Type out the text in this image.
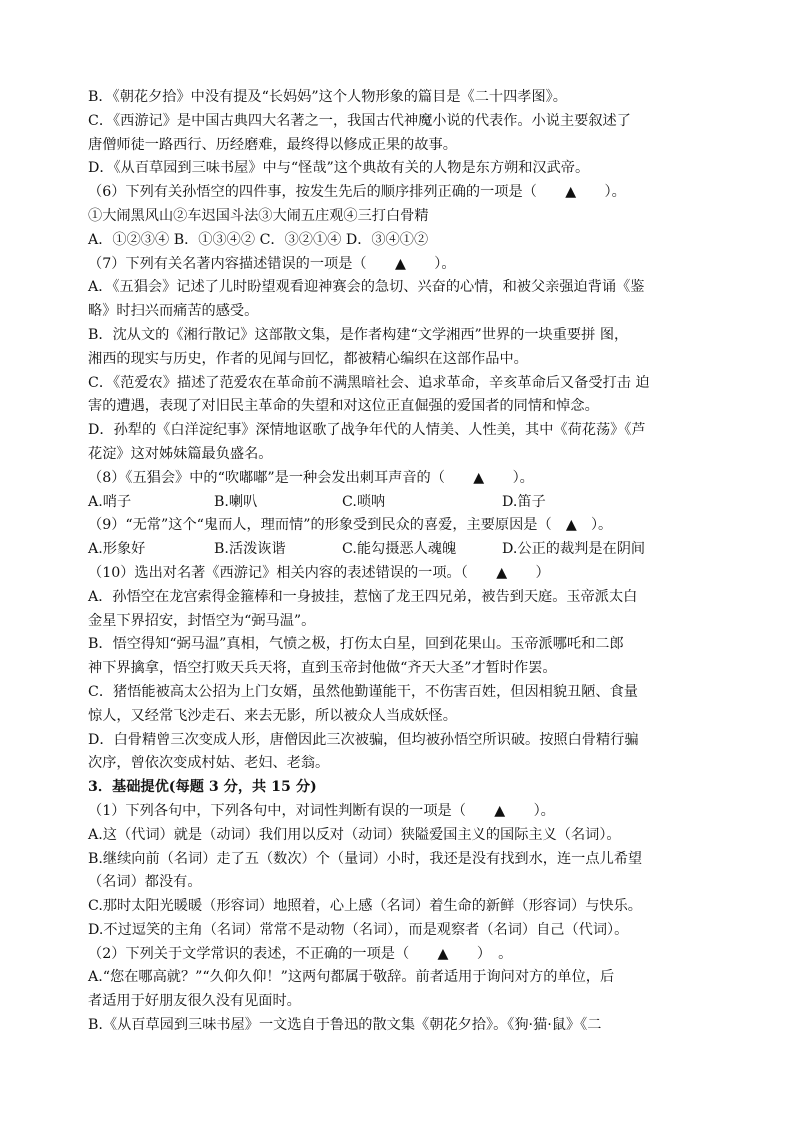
B．《朝花夕拾》中没有提及“长妈妈”这个人物形象的篇目是《二十四孝图》。

C．《西游记》是中国古典四大名著之一，我国古代神魔小说的代表作。小说主要叙述了

唐僧师徒一路西行、历经磨难，最终得以修成正果的故事。

D．《从百草园到三味书屋》中与“怪哉”这个典故有关的人物是东方朔和汉武帝。

（6）下列有关孙悟空的四件事，按发生先后的顺序排列正确的一项是（　　▲　　）。

①大闹黑风山②车迟国斗法③大闹五庄观④三打白骨精

A．①②③④ B．①③④② C．③②①④ D．③④①②

（7）下列有关名著内容描述错误的一项是（　　▲　　）。

A．《五猖会》记述了儿时盼望观看迎神赛会的急切、兴奋的心情，和被父亲强迫背诵《鉴

略》时扫兴而痛苦的感受。

B．沈从文的《湘行散记》这部散文集，是作者构建“文学湘西”世界的一块重要拼 图，

湘西的现实与历史，作者的见闻与回忆，都被精心编织在这部作品中。

C．《范爱农》描述了范爱农在革命前不满黑暗社会、追求革命，辛亥革命后又备受打击 迫

害的遭遇，表现了对旧民主革命的失望和对这位正直倔强的爱国者的同情和悼念。

D．孙犁的《白洋淀纪事》深情地讴歌了战争年代的人情美、人性美，其中《荷花荡》《芦

花淀》这对姊妹篇最负盛名。

（8）《五猖会》中的“吹嘟嘟”是一种会发出刺耳声音的（　　▲　　）。

A.哨子	B.喇叭	C.唢呐	D.笛子

（9）“无常”这个“鬼而人，理而情”的形象受到民众的喜爱，主要原因是（　▲　）。

A.形象好	B.活泼诙谐	C.能勾摄恶人魂魄	D.公正的裁判是在阴间

（10）选出对名著《西游记》相关内容的表述错误的一项。（　　▲　　）

A．孙悟空在龙宫索得金箍棒和一身披挂，惹恼了龙王四兄弟，被告到天庭。玉帝派太白

金星下界招安，封悟空为“弼马温”。

B．悟空得知“弼马温”真相，气愤之极，打伤太白星，回到花果山。玉帝派哪吒和二郎

神下界擒拿，悟空打败天兵天将，直到玉帝封他做“齐天大圣”才暂时作罢。

C．猪悟能被高太公招为上门女婿，虽然他勤谨能干，不伤害百姓，但因相貌丑陋、食量

惊人，又经常飞沙走石、来去无影，所以被众人当成妖怪。

D．白骨精曾三次变成人形，唐僧因此三次被骗，但均被孙悟空所识破。按照白骨精行骗

次序，曾依次变成村姑、老妇、老翁。

3．基础提优(每题 3 分，共 15 分)

（1）下列各句中，下列各句中，对词性判断有误的一项是（　　▲　　）。

A.这（代词）就是（动词）我们用以反对（动词）狭隘爱国主义的国际主义（名词）。

B.继续向前（名词）走了五（数次）个（量词）小时，我还是没有找到水，连一点儿希望

（名词）都没有。

C.那时太阳光暖暖（形容词）地照着，心上感（名词）着生命的新鲜（形容词）与快乐。

D.不过逗笑的主角（名词）常常不是动物（名词），而是观察者（名词）自己（代词）。

（2）下列关于文学常识的表述，不正确的一项是（　　▲　　）　。

A.“您在哪高就？”“久仰久仰！”这两句都属于敬辞。前者适用于询问对方的单位，后

者适用于好朋友很久没有见面时。

B.《从百草园到三味书屋》一文选自于鲁迅的散文集《朝花夕拾》。《狗·猫·鼠》《二
